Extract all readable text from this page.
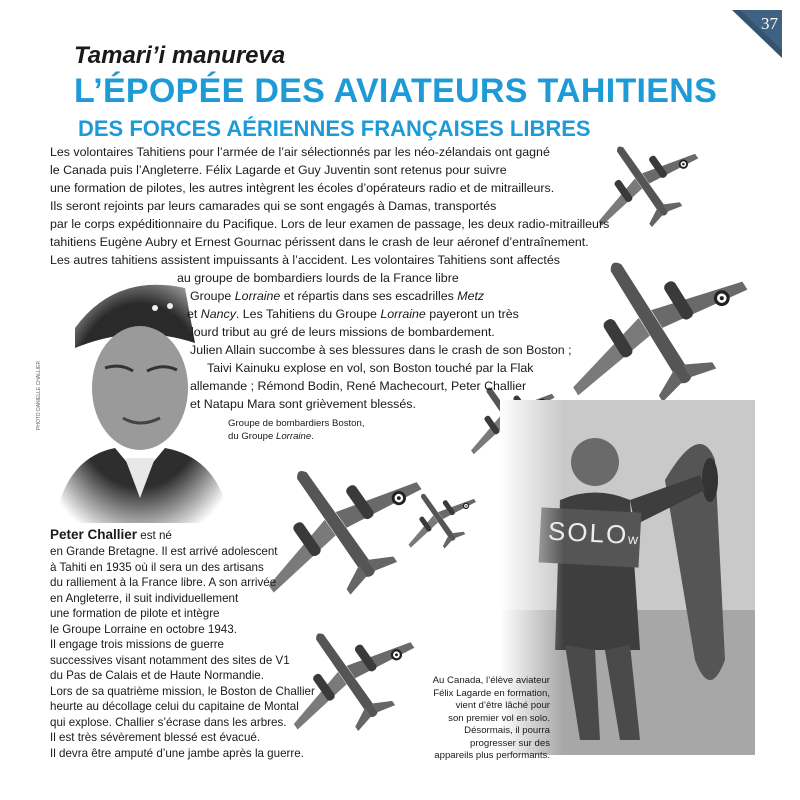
37
Tamari’i manureva
L’ÉPOPÉE DES AVIATEURS TAHITIENS
DES FORCES AÉRIENNES FRANÇAISES LIBRES
SOLOw
PHOTO DANIELLE CHALLIER
Les volontaires Tahitiens pour l’armée de l’air sélectionnés par les néo-zélandais ont gagné
le Canada puis l’Angleterre. Félix Lagarde et Guy Juventin sont retenus pour suivre
une formation de pilotes, les autres intègrent les écoles d’opérateurs radio et de mitrailleurs.
Ils seront rejoints par leurs camarades qui se sont engagés à Damas, transportés
par le corps expéditionnaire du Pacifique. Lors de leur examen de passage, les deux radio-mitrailleurs
tahitiens Eugène Aubry et Ernest Gournac périssent dans le crash de leur aéronef d’entraînement.
Les autres tahitiens assistent impuissants à l’accident. Les volontaires Tahitiens sont affectés
au groupe de bombardiers lourds de la France libre
Groupe Lorraine et répartis dans ses escadrilles Metz
et Nancy. Les Tahitiens du Groupe Lorraine payeront un très
lourd tribut au gré de leurs missions de bombardement.
Julien Allain succombe à ses blessures dans le crash de son Boston ;
Taivi Kainuku explose en vol, son Boston touché par la Flak
allemande ; Rémond Bodin, René Machecourt, Peter Challier
et Natapu Mara sont grièvement blessés.
Groupe de bombardiers Boston,
du Groupe Lorraine.
Peter Challier est né
en Grande Bretagne. Il est arrivé adolescent
à Tahiti en 1935 où il sera un des artisans
du ralliement à la France libre. A son arrivée
en Angleterre, il suit individuellement
une formation de pilote et intègre
le Groupe Lorraine en octobre 1943.
Il engage trois missions de guerre
successives visant notamment des sites de V1
du Pas de Calais et de Haute Normandie.
Lors de sa quatrième mission, le Boston de Challier
heurte au décollage celui du capitaine de Montal
qui explose. Challier s’écrase dans les arbres.
Il est très sévèrement blessé est évacué.
Il devra être amputé d’une jambe après la guerre.
Au Canada, l’élève aviateur
Félix Lagarde en formation,
vient d’être lâché pour
son premier vol en solo.
Désormais, il pourra
progresser sur des
appareils plus performants.
